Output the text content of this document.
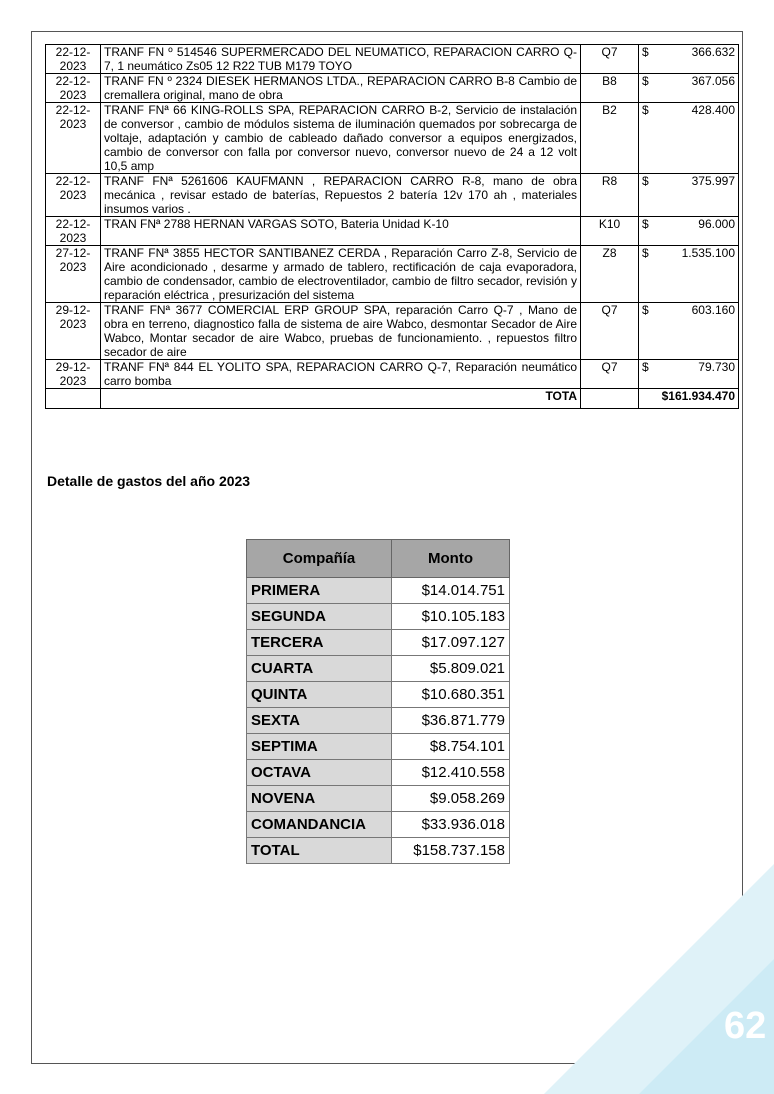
62
22-12-2023	TRANF FN º 514546 SUPERMERCADO DEL NEUMATICO, REPARACION CARRO Q-7, 1 neumático Zs05 12 R22 TUB M179 TOYO	Q7	$ 366.632

22-12-2023	TRANF FN º 2324 DIESEK HERMANOS LTDA., REPARACION CARRO B-8 Cambio de cremallera original, mano de obra	B8	$ 367.056

22-12-2023	TRANF FNª 66 KING-ROLLS SPA, REPARACION CARRO B-2, Servicio de instalación de conversor , cambio de módulos sistema de iluminación quemados por sobrecarga de voltaje, adaptación y cambio de cableado dañado conversor a equipos energizados, cambio de conversor con falla por conversor nuevo, conversor nuevo de 24 a 12 volt 10,5 amp	B2	$ 428.400

22-12-2023	TRANF FNª 5261606 KAUFMANN , REPARACION CARRO R-8, mano de obra mecánica , revisar estado de baterías, Repuestos 2 batería 12v 170 ah , materiales insumos varios .	R8	$ 375.997

22-12-2023	TRAN FNª 2788 HERNAN VARGAS SOTO, Bateria Unidad K-10	K10	$ 96.000

27-12-2023	TRANF FNª 3855 HECTOR SANTIBANEZ CERDA , Reparación Carro Z-8, Servicio de Aire acondicionado , desarme y armado de tablero, rectificación de caja evaporadora, cambio de condensador, cambio de electroventilador, cambio de filtro secador, revisión y reparación eléctrica , presurización del sistema	Z8	$ 1.535.100

29-12-2023	TRANF FNª 3677 COMERCIAL ERP GROUP SPA, reparación Carro Q-7 , Mano de obra en terreno, diagnostico falla de sistema de aire Wabco, desmontar Secador de Aire Wabco, Montar secador de aire Wabco, pruebas de funcionamiento. , repuestos filtro secador de aire	Q7	$ 603.160

29-12-2023	TRANF FNª 844 EL YOLITO SPA, REPARACION CARRO Q-7, Reparación neumático carro bomba	Q7	$ 79.730

	TOTA		$161.934.470
Detalle de gastos del año 2023
Compañía	Monto
PRIMERA	$14.014.751
SEGUNDA	$10.105.183
TERCERA	$17.097.127
CUARTA	$5.809.021
QUINTA	$10.680.351
SEXTA	$36.871.779
SEPTIMA	$8.754.101
OCTAVA	$12.410.558
NOVENA	$9.058.269
COMANDANCIA	$33.936.018
TOTAL	$158.737.158
